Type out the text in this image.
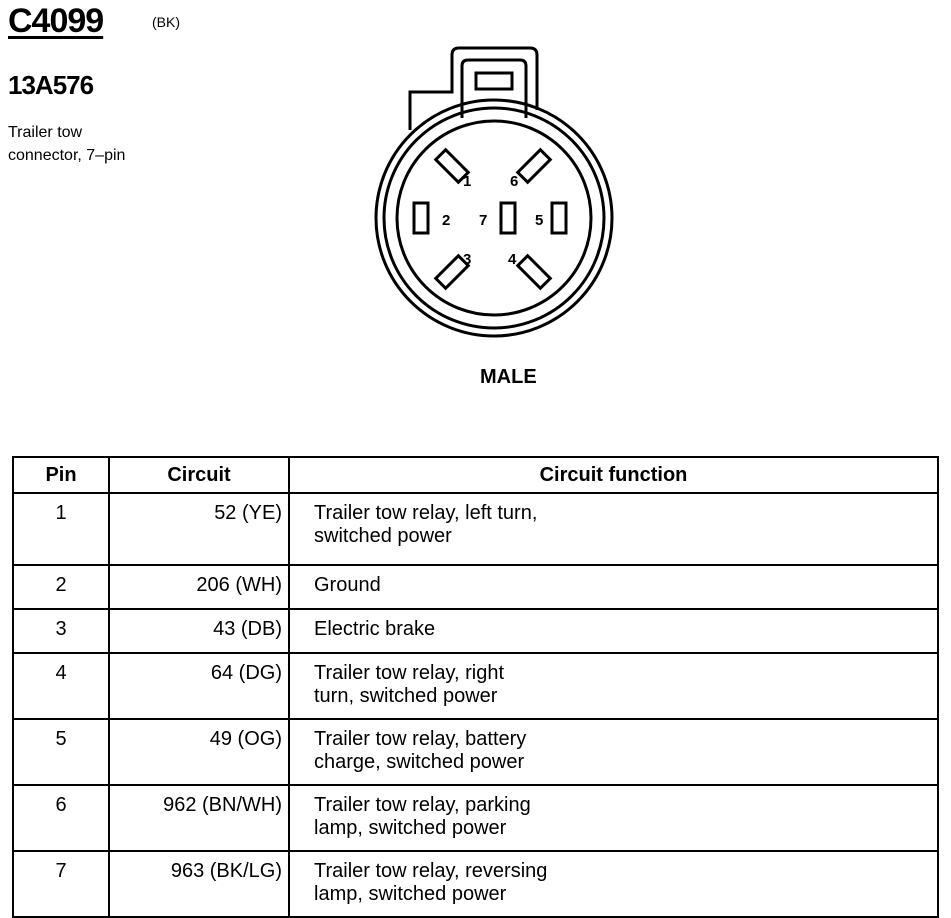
C4099	(BK)
13A576
Trailer tow
connector, 7–pin
1	6
2 7	5
3 4
MALE
Pin	Circuit	Circuit function
1	52 (YE)	Trailer tow relay, left turn,
switched power

2	206 (WH)	Ground

3	43 (DB)	Electric brake

4	64 (DG)	Trailer tow relay, right
turn, switched power

5	49 (OG)	Trailer tow relay, battery
charge, switched power

6	962 (BN/WH)	Trailer tow relay, parking
lamp, switched power

7	963 (BK/LG)	Trailer tow relay, reversing
lamp, switched power
